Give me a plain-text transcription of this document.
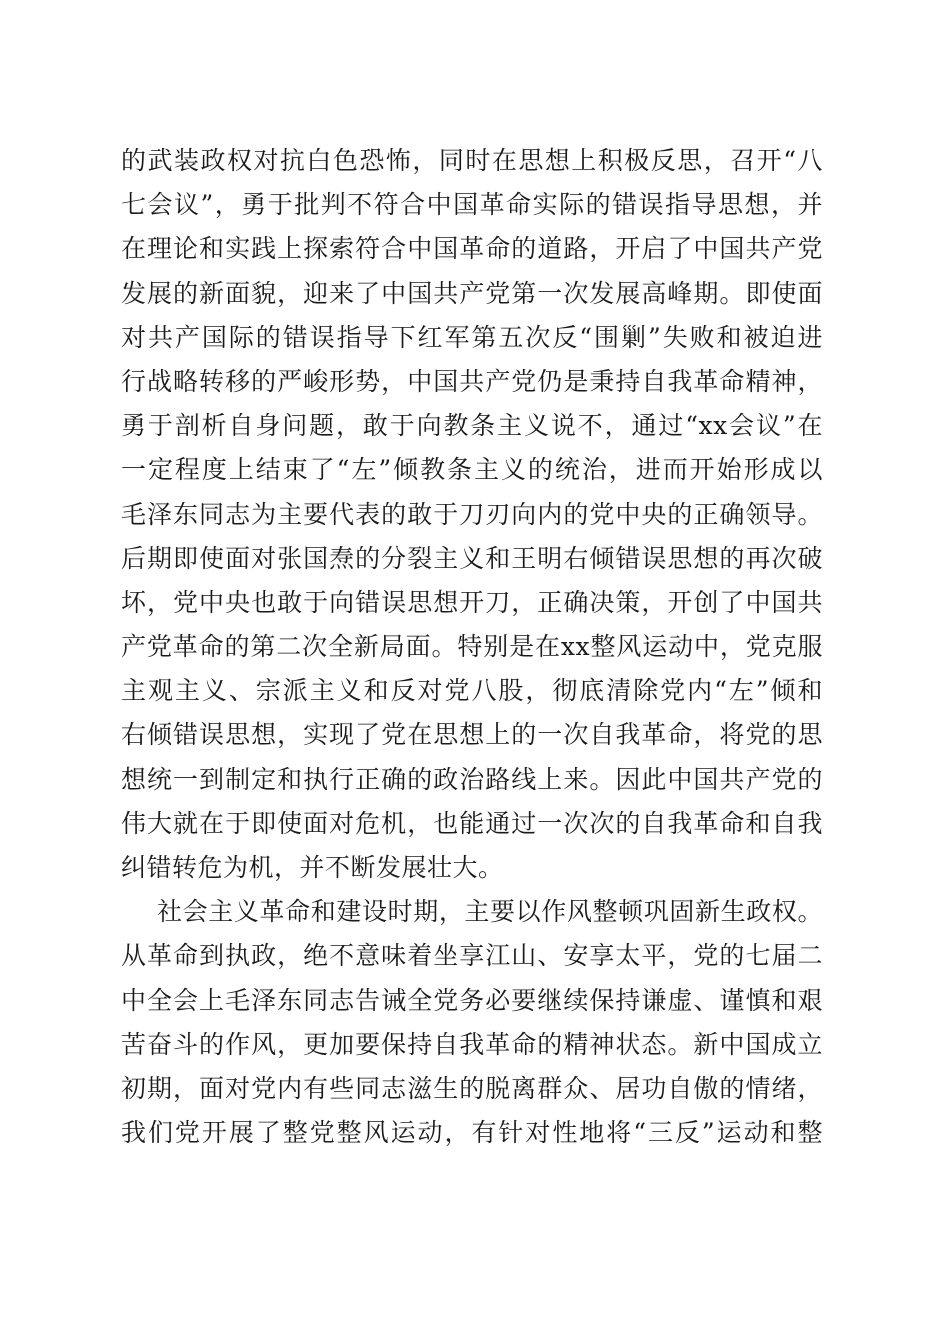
的武装政权对抗白色恐怖，同时在思想上积极反思，召开“八
七会议”，勇于批判不符合中国革命实际的错误指导思想，并
在理论和实践上探索符合中国革命的道路，开启了中国共产党
发展的新面貌，迎来了中国共产党第一次发展高峰期。即使面
对共产国际的错误指导下红军第五次反“围剿”失败和被迫进
行战略转移的严峻形势，中国共产党仍是秉持自我革命精神，
勇于剖析自身问题，敢于向教条主义说不，通过“xx会议”在
一定程度上结束了“左”倾教条主义的统治，进而开始形成以
毛泽东同志为主要代表的敢于刀刃向内的党中央的正确领导。
后期即使面对张国焘的分裂主义和王明右倾错误思想的再次破
坏，党中央也敢于向错误思想开刀，正确决策，开创了中国共
产党革命的第二次全新局面。特别是在xx整风运动中，党克服
主观主义、宗派主义和反对党八股，彻底清除党内“左”倾和
右倾错误思想，实现了党在思想上的一次自我革命，将党的思
想统一到制定和执行正确的政治路线上来。因此中国共产党的
伟大就在于即使面对危机，也能通过一次次的自我革命和自我
纠错转危为机，并不断发展壮大。
社会主义革命和建设时期，主要以作风整顿巩固新生政权。
从革命到执政，绝不意味着坐享江山、安享太平，党的七届二
中全会上毛泽东同志告诫全党务必要继续保持谦虚、谨慎和艰
苦奋斗的作风，更加要保持自我革命的精神状态。新中国成立
初期，面对党内有些同志滋生的脱离群众、居功自傲的情绪，
我们党开展了整党整风运动，有针对性地将“三反”运动和整
